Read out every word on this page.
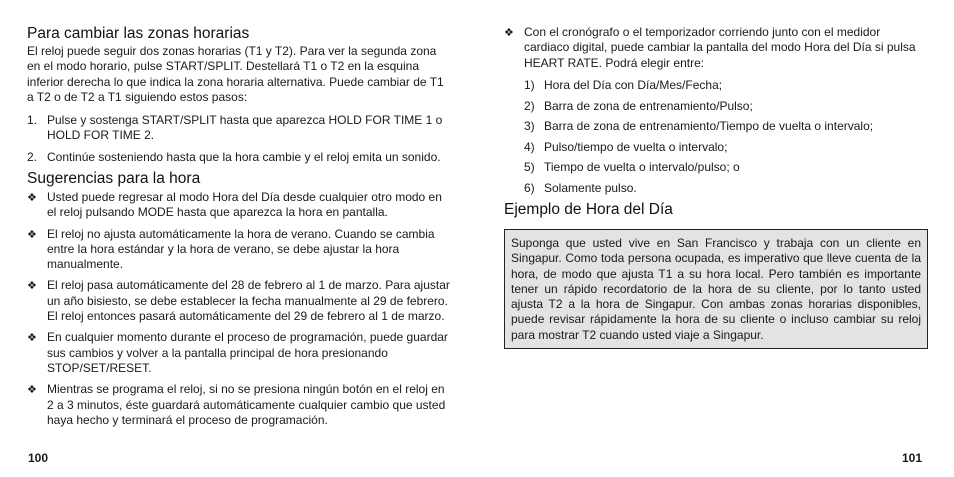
Para cambiar las zonas horarias

El reloj puede seguir dos zonas horarias (T1 y T2). Para ver la segunda zona en el modo horario, pulse START/SPLIT. Destellará T1 o T2 en la esquina inferior derecha lo que indica la zona horaria alternativa. Puede cambiar de T1 a T2 o de T2 a T1 siguiendo estos pasos:

1. Pulse y sostenga START/SPLIT hasta que aparezca HOLD FOR TIME 1 o HOLD FOR TIME 2.
2. Continúe sosteniendo hasta que la hora cambie y el reloj emita un sonido.
Sugerencias para la hora
❖ Usted puede regresar al modo Hora del Día desde cualquier otro modo en el reloj pulsando MODE hasta que aparezca la hora en pantalla.
❖ El reloj no ajusta automáticamente la hora de verano. Cuando se cambia entre la hora estándar y la hora de verano, se debe ajustar la hora manualmente.
❖ El reloj pasa automáticamente del 28 de febrero al 1 de marzo. Para ajustar un año bisiesto, se debe establecer la fecha manualmente al 29 de febrero. El reloj entonces pasará automáticamente del 29 de febrero al 1 de marzo.
❖ En cualquier momento durante el proceso de programación, puede guardar sus cambios y volver a la pantalla principal de hora presionando STOP/SET/RESET.
❖ Mientras se programa el reloj, si no se presiona ningún botón en el reloj en 2 a 3 minutos, éste guardará automáticamente cualquier cambio que usted haya hecho y terminará el proceso de programación.
100

❖ Con el cronógrafo o el temporizador corriendo junto con el medidor cardiaco digital, puede cambiar la pantalla del modo Hora del Día si pulsa HEART RATE. Podrá elegir entre:

1) Hora del Día con Día/Mes/Fecha;
2) Barra de zona de entrenamiento/Pulso;
3) Barra de zona de entrenamiento/Tiempo de vuelta o intervalo;
4) Pulso/tiempo de vuelta o intervalo;
5) Tiempo de vuelta o intervalo/pulso; o
6) Solamente pulso.
Ejemplo de Hora del Día

Suponga que usted vive en San Francisco y trabaja con un cliente en Singapur. Como toda persona ocupada, es imperativo que lleve cuenta de la hora, de modo que ajusta T1 a su hora local. Pero también es importante tener un rápido recordatorio de la hora de su cliente, por lo tanto usted ajusta T2 a la hora de Singapur. Con ambas zonas horarias disponibles, puede revisar rápidamente la hora de su cliente o incluso cambiar su reloj para mostrar T2 cuando usted viaje a Singapur.

101
